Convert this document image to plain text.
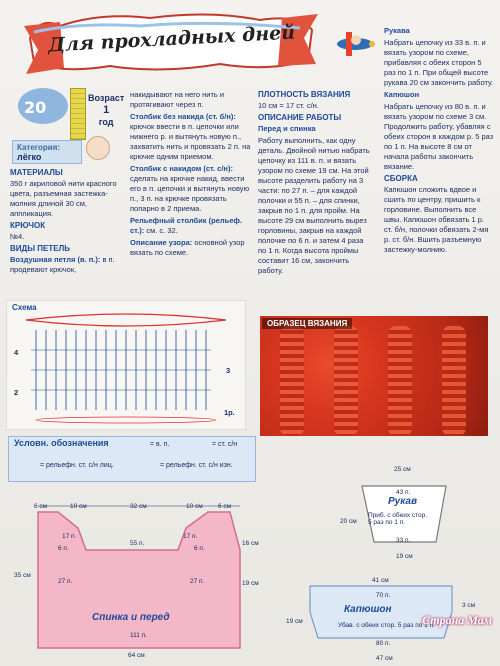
Для прохладных дней
20	Возраст
1
год
Категория:
лёгко

МАТЕРИАЛЫ

350 г акриловой нити красного цвета, разъемная застежка-молния длиной 30 см, аппликация.

КРЮЧОК

№4.

ВИДЫ ПЕТЕЛЬ

Воздушная петля (в. п.): в п. продевают крючок,

накидывают на него нить и протягивают через п.

Столбик без накида (ст. б/н): крючок ввести в п. цепочки или нижнего р. и вытянуть новую п., захватить нить и провязать 2 п. на крючке одним приемом.

Столбик с накидом (ст. с/н): сделать на крючке накид, ввести его в п. цепочки и вытянуть новую п., 3 п. на крючке провязать попарно в 2 приема.

Рельефный столбик (рельеф. ст.): см. с. 32.

Описание узора: основной узор вязать по схеме.

ПЛОТНОСТЬ ВЯЗАНИЯ

10 см = 17 ст. с/н.

ОПИСАНИЕ РАБОТЫ

Перед и спинка

Работу выполнить, как одну деталь. Двойной нитью набрать цепочку из 111 в. п. и вязать узором по схеме 19 см. На этой высоте разделить работу на 3 части: по 27 п. – для каждой полочки и 55 п. – для спинки, закрыв по 1 п. для пройм. На высоте 29 см выполнить вырез горловины, закрыв на каждой полочке по 6 п. и затем 4 раза по 1 п. Когда высота проймы составит 16 см, закончить работу.

Рукава

Набрать цепочку из 33 в. п. и вязать узором по схеме, прибавляя с обеих сторон 5 раз по 1 п. При общей высоте рукава 20 см закончить работу.

Капюшон

Набрать цепочку из 80 в. п. и вязать узором по схеме 3 см. Продолжить работу, убавляя с обеих сторон в каждом р. 5 раз по 1 п. На высоте 8 см от начала работы закончить вязание.

СБОРКА

Капюшон сложить вдвое и сшить по центру, пришить к горловине. Выполнить все швы. Капюшон обвязать 1 р. ст. б/н, полочки обвязать 2-мя р. ст. б/н. Вшить разъемную застежку-молнию.

Схема
4
2
3
1р.
ОБРАЗЕЦ ВЯЗАНИЯ
Условн. обозначения	= в. п.	= ст. с/н
= рельефн. ст. с/н лиц.	= рельефн. ст. с/н изн.
6 см	10 см	32 см	10 см 6 см
17 п.	17 п.
55 п.
6 п.	6 п.
27 п.	27 п.	19 см
16 см
35 см
111 п.
64 см
Спинка и перед
25 см
43 п.
Приб. с обеих стор. 5 раз по 1 п.
20 см
33 п.
19 см
Рукав
41 см
70 п.
Убав. с обеих стор. 5 раз по 1 п.
80 п.
47 см
19 см
3 см
Капюшон
Страна Мам
